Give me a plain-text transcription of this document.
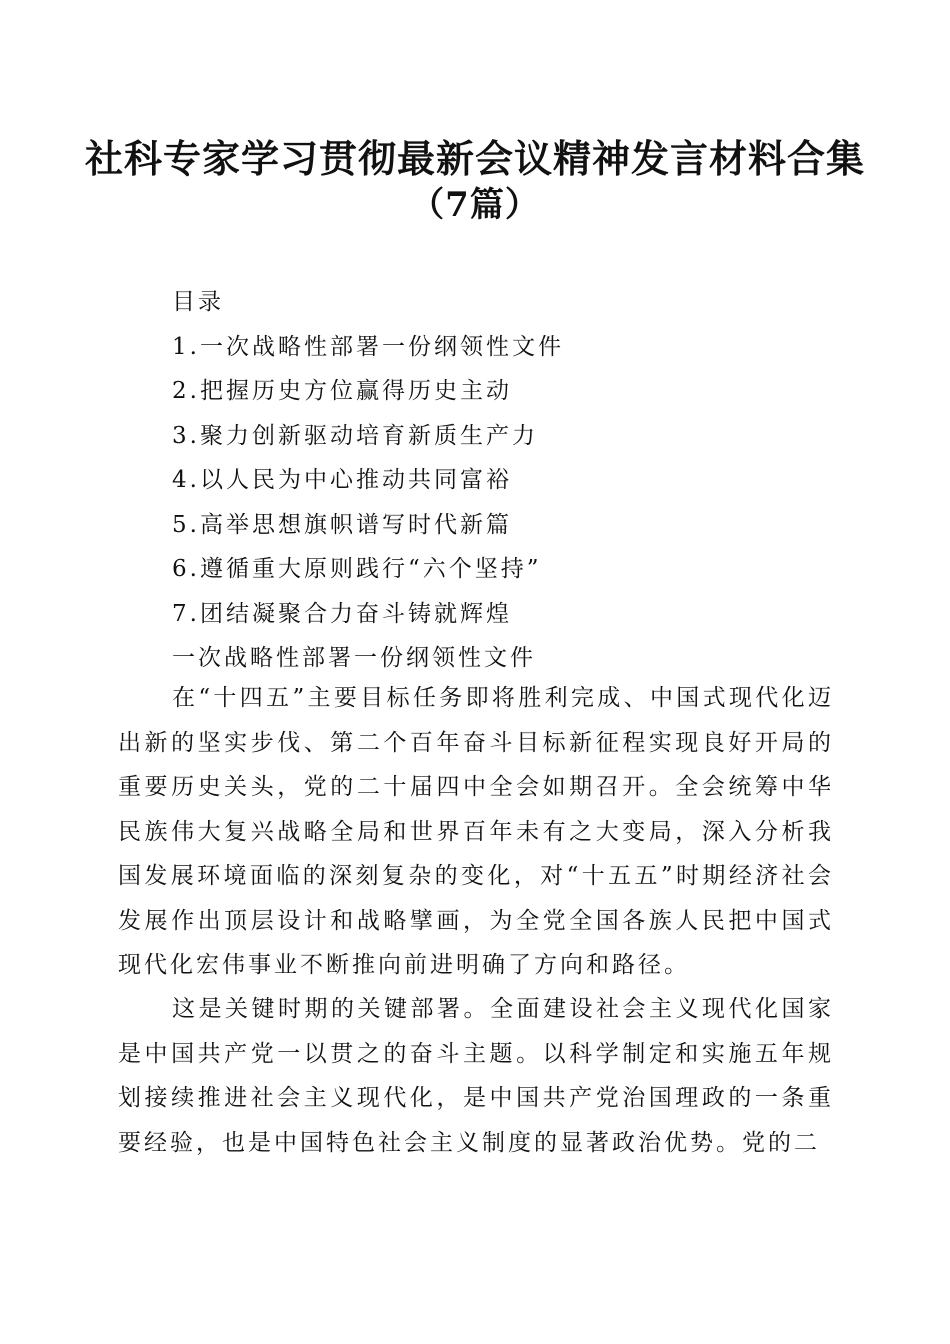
社科专家学习贯彻最新会议精神发言材料合集
（7篇）
目录
1.一次战略性部署一份纲领性文件
2.把握历史方位赢得历史主动
3.聚力创新驱动培育新质生产力
4.以人民为中心推动共同富裕
5.高举思想旗帜谱写时代新篇
6.遵循重大原则践行“六个坚持”
7.团结凝聚合力奋斗铸就辉煌
一次战略性部署一份纲领性文件

在“十四五”主要目标任务即将胜利完成、中国式现代化迈出新的坚实步伐、第二个百年奋斗目标新征程实现良好开局的重要历史关头，党的二十届四中全会如期召开。全会统筹中华民族伟大复兴战略全局和世界百年未有之大变局，深入分析我国发展环境面临的深刻复杂的变化，对“十五五”时期经济社会发展作出顶层设计和战略擘画，为全党全国各族人民把中国式现代化宏伟事业不断推向前进明确了方向和路径。

这是关键时期的关键部署。全面建设社会主义现代化国家是中国共产党一以贯之的奋斗主题。以科学制定和实施五年规划接续推进社会主义现代化，是中国共产党治国理政的一条重要经验，也是中国特色社会主义制度的显著政治优势。党的二
